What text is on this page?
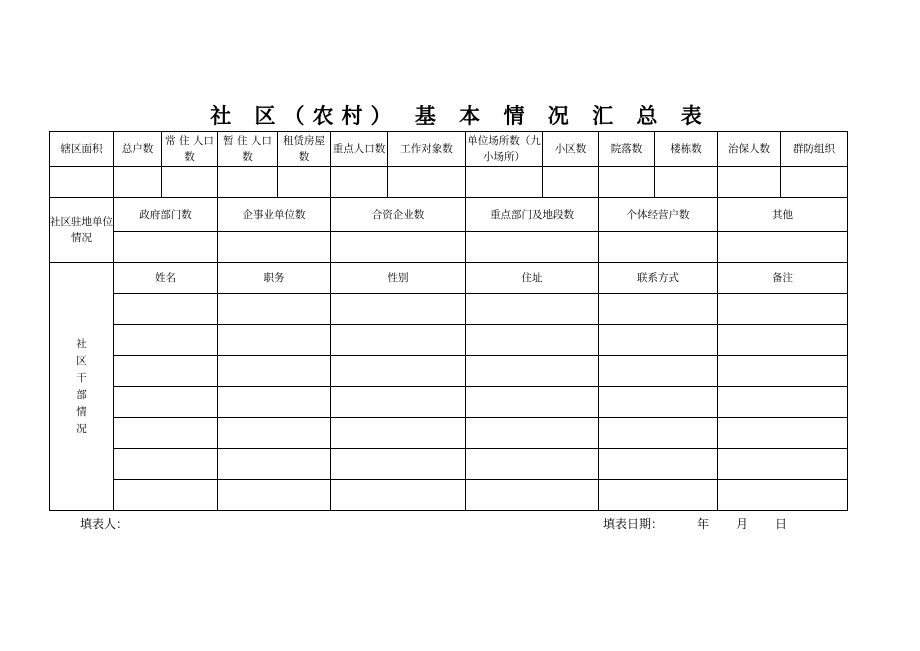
社 区（农村） 基 本 情 况 汇 总 表
辖区面积	总户数	常 住 人口数	暂 住 人口数	租赁房屋数	重点人口数	工作对象数	单位场所数（九小场所）	小区数	院落数	楼栋数	治保人数	群防组织

社区驻地单位情况	政府部门数		企事业单位数		合资企业数		重点部门及地段数		个体经营户数		其他	

社区干部情况	姓名		职务		性别		住址		联系方式		备注	

填表人：	填表日期：	年 月 日
